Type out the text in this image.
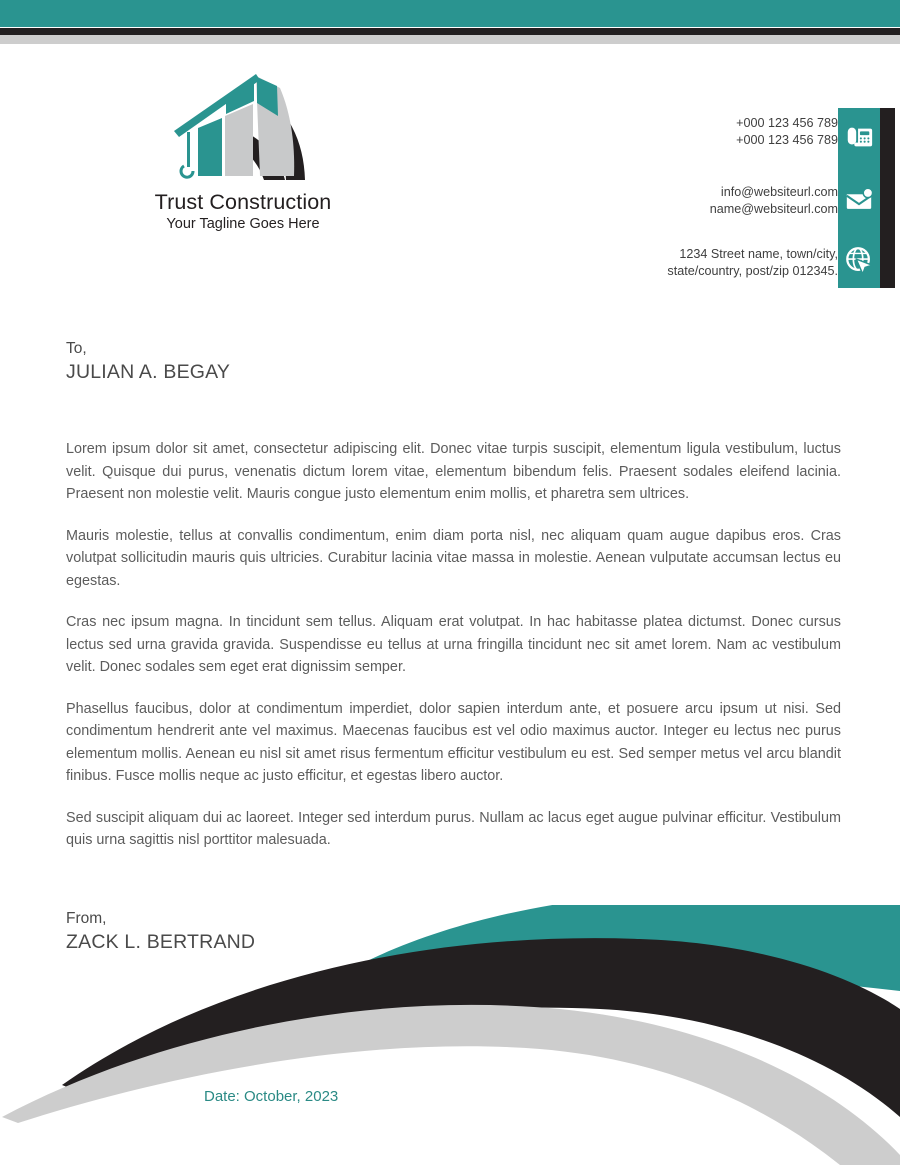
Trust Construction
Your Tagline Goes Here
+000 123 456 789
+000 123 456 789
info@websiteurl.com
name@websiteurl.com
1234 Street name, town/city,
state/country, post/zip 012345.
To,
JULIAN A. BEGAY

Lorem ipsum dolor sit amet, consectetur adipiscing elit. Donec vitae turpis suscipit, elementum ligula vestibulum, luctus velit. Quisque dui purus, venenatis dictum lorem vitae, elementum bibendum felis. Praesent sodales eleifend lacinia. Praesent non molestie velit. Mauris congue justo elementum enim mollis, et pharetra sem ultrices.

Mauris molestie, tellus at convallis condimentum, enim diam porta nisl, nec aliquam quam augue dapibus eros. Cras volutpat sollicitudin mauris quis ultricies. Curabitur lacinia vitae massa in molestie. Aenean vulputate accumsan lectus eu egestas.

Cras nec ipsum magna. In tincidunt sem tellus. Aliquam erat volutpat. In hac habitasse platea dictumst. Donec cursus lectus sed urna gravida gravida. Suspendisse eu tellus at urna fringilla tincidunt nec sit amet lorem. Nam ac vestibulum velit. Donec sodales sem eget erat dignissim semper.

Phasellus faucibus, dolor at condimentum imperdiet, dolor sapien interdum ante, et posuere arcu ipsum ut nisi. Sed condimentum hendrerit ante vel maximus. Maecenas faucibus est vel odio maximus auctor. Integer eu lectus nec purus elementum mollis. Aenean eu nisl sit amet risus fermentum efficitur vestibulum eu est. Sed semper metus vel arcu blandit finibus. Fusce mollis neque ac justo efficitur, et egestas libero auctor.

Sed suscipit aliquam dui ac laoreet. Integer sed interdum purus. Nullam ac lacus eget augue pulvinar efficitur. Vestibulum quis urna sagittis nisl porttitor malesuada.

From,
ZACK L. BERTRAND
Date: October, 2023
